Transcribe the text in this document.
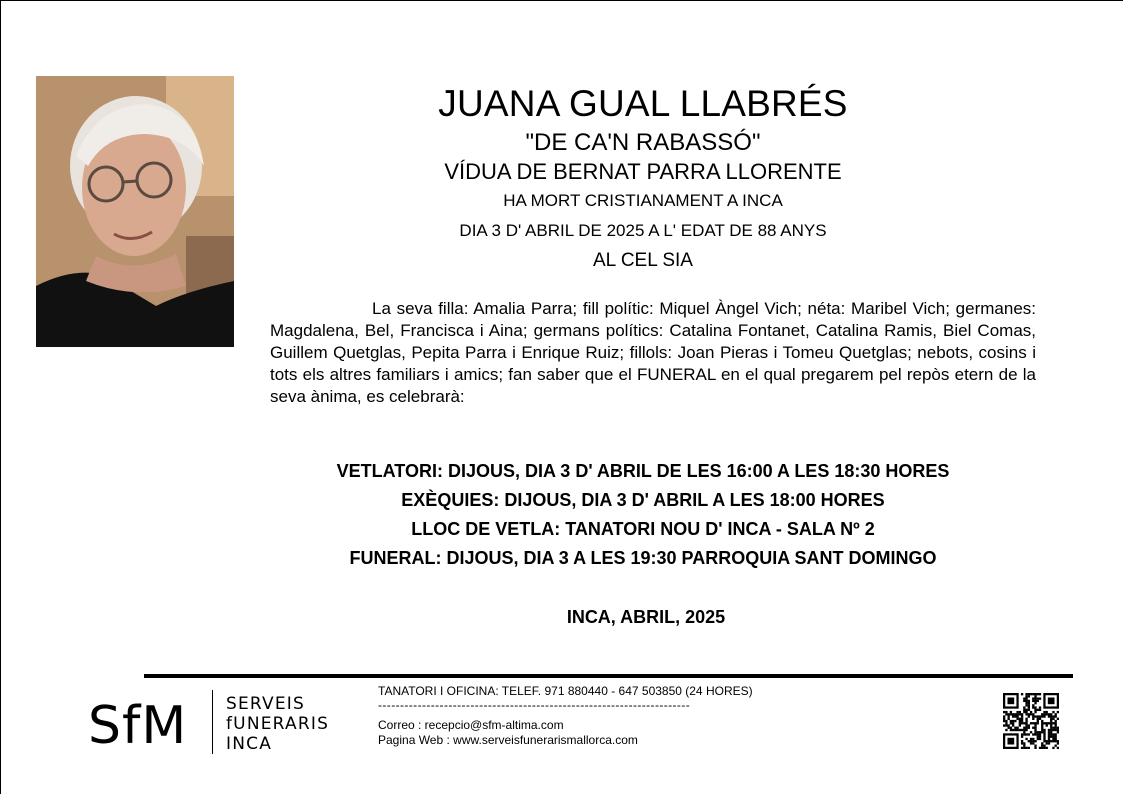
JUANA GUAL LLABRÉS
"DE CA'N RABASSÓ"
VÍDUA DE BERNAT PARRA LLORENTE
HA MORT CRISTIANAMENT A INCA
DIA 3 D' ABRIL DE 2025 A L' EDAT DE 88 ANYS
AL CEL SIA
La seva filla: Amalia Parra; fill polític: Miquel Àngel Vich; néta: Maribel Vich; germanes: Magdalena, Bel, Francisca i Aina; germans polítics: Catalina Fontanet, Catalina Ramis, Biel Comas, Guillem Quetglas, Pepita Parra i Enrique Ruiz; fillols: Joan Pieras i Tomeu Quetglas; nebots, cosins i tots els altres familiars i amics; fan saber que el FUNERAL en el qual pregarem pel repòs etern de la seva ànima, es celebrarà:
VETLATORI: DIJOUS, DIA 3 D' ABRIL DE LES 16:00 A LES 18:30 HORES
EXÈQUIES: DIJOUS, DIA 3 D' ABRIL A LES 18:00 HORES
LLOC DE VETLA: TANATORI NOU D' INCA - SALA Nº 2
FUNERAL: DIJOUS, DIA 3 A LES 19:30 PARROQUIA SANT DOMINGO
INCA, ABRIL, 2025
SfM SERVEIS
fUNERARIS
INCA
TANATORI I OFICINA: TELEF. 971 880440 - 647 503850 (24 HORES)
-----------------------------------------------------------------------
Correo : recepcio@sfm-altima.com
Pagina Web : www.serveisfunerarismallorca.com
